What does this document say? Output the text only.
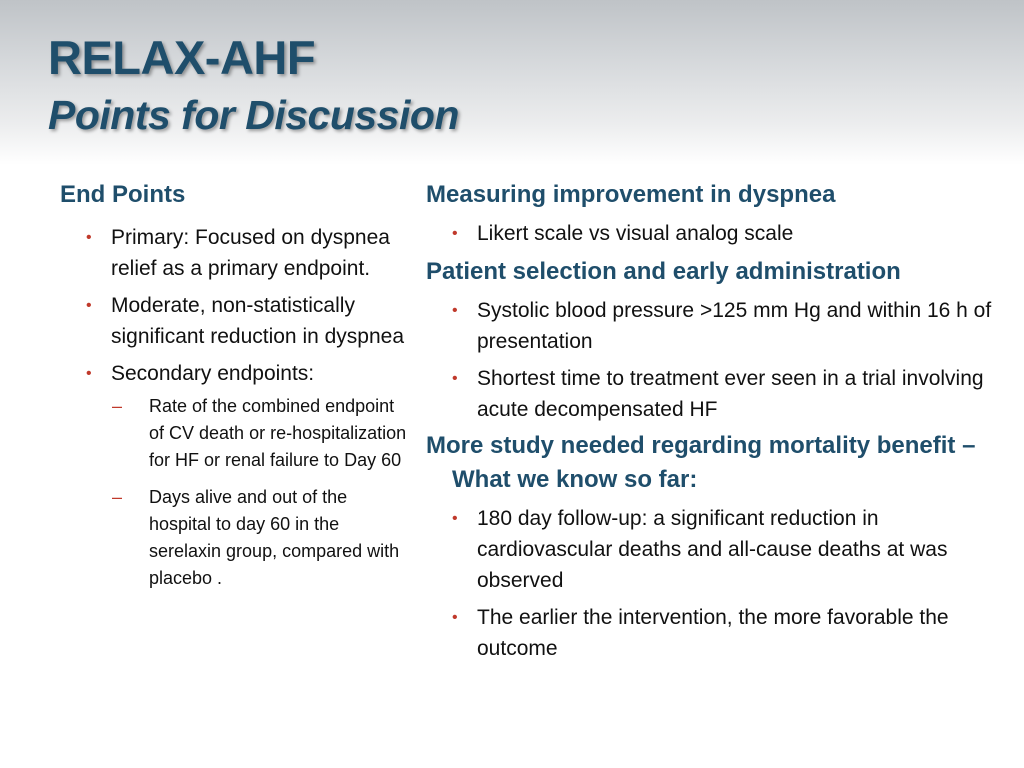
RELAX-AHF
Points for Discussion
End Points
• Primary: Focused on dyspnea relief as a primary endpoint.
• Moderate, non-statistically significant reduction in dyspnea
• Secondary endpoints:
– Rate of the combined endpoint of CV death or re-hospitalization for HF or renal failure to Day 60
– Days alive and out of the hospital to day 60 in the serelaxin group, compared with placebo .
Measuring improvement in dyspnea
• Likert scale vs visual analog scale
Patient selection and early administration
• Systolic blood pressure >125 mm Hg and within 16 h of presentation
• Shortest time to treatment ever seen in a trial involving acute decompensated HF
More study needed regarding mortality benefit – What we know so far:
• 180 day follow-up: a significant reduction in cardiovascular deaths and all-cause deaths at was observed
• The earlier the intervention, the more favorable the outcome
